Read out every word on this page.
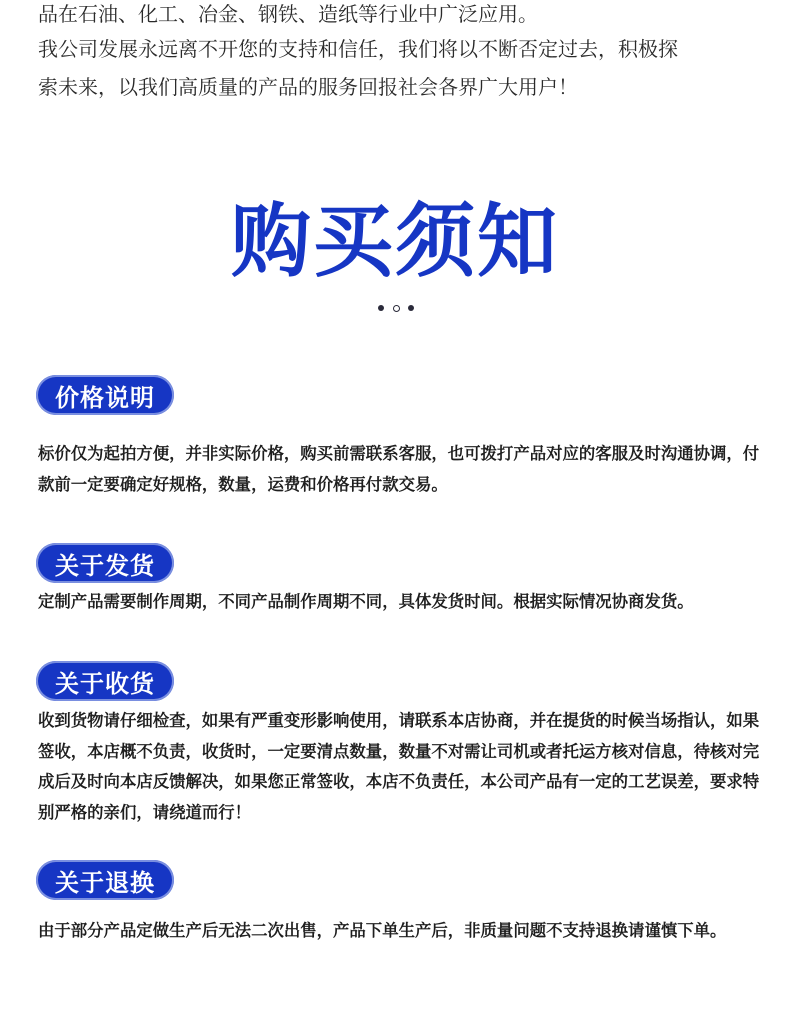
品在石油、化工、冶金、钢铁、造纸等行业中广泛应用。

我公司发展永远离不开您的支持和信任，我们将以不断否定过去，积极探

索未来，以我们高质量的产品的服务回报社会各界广大用户！

购买须知
价格说明

标价仅为起拍方便，并非实际价格，购买前需联系客服，也可拨打产品对应的客服及时沟通协调，付款前一定要确定好规格，数量，运费和价格再付款交易。

关于发货

定制产品需要制作周期，不同产品制作周期不同，具体发货时间。根据实际情况协商发货。

关于收货

收到货物请仔细检查，如果有严重变形影响使用，请联系本店协商，并在提货的时候当场指认，如果签收，本店概不负责，收货时，一定要清点数量，数量不对需让司机或者托运方核对信息，待核对完成后及时向本店反馈解决，如果您正常签收，本店不负责任，本公司产品有一定的工艺误差，要求特别严格的亲们，请绕道而行！

关于退换

由于部分产品定做生产后无法二次出售，产品下单生产后，非质量问题不支持退换请谨慎下单。
